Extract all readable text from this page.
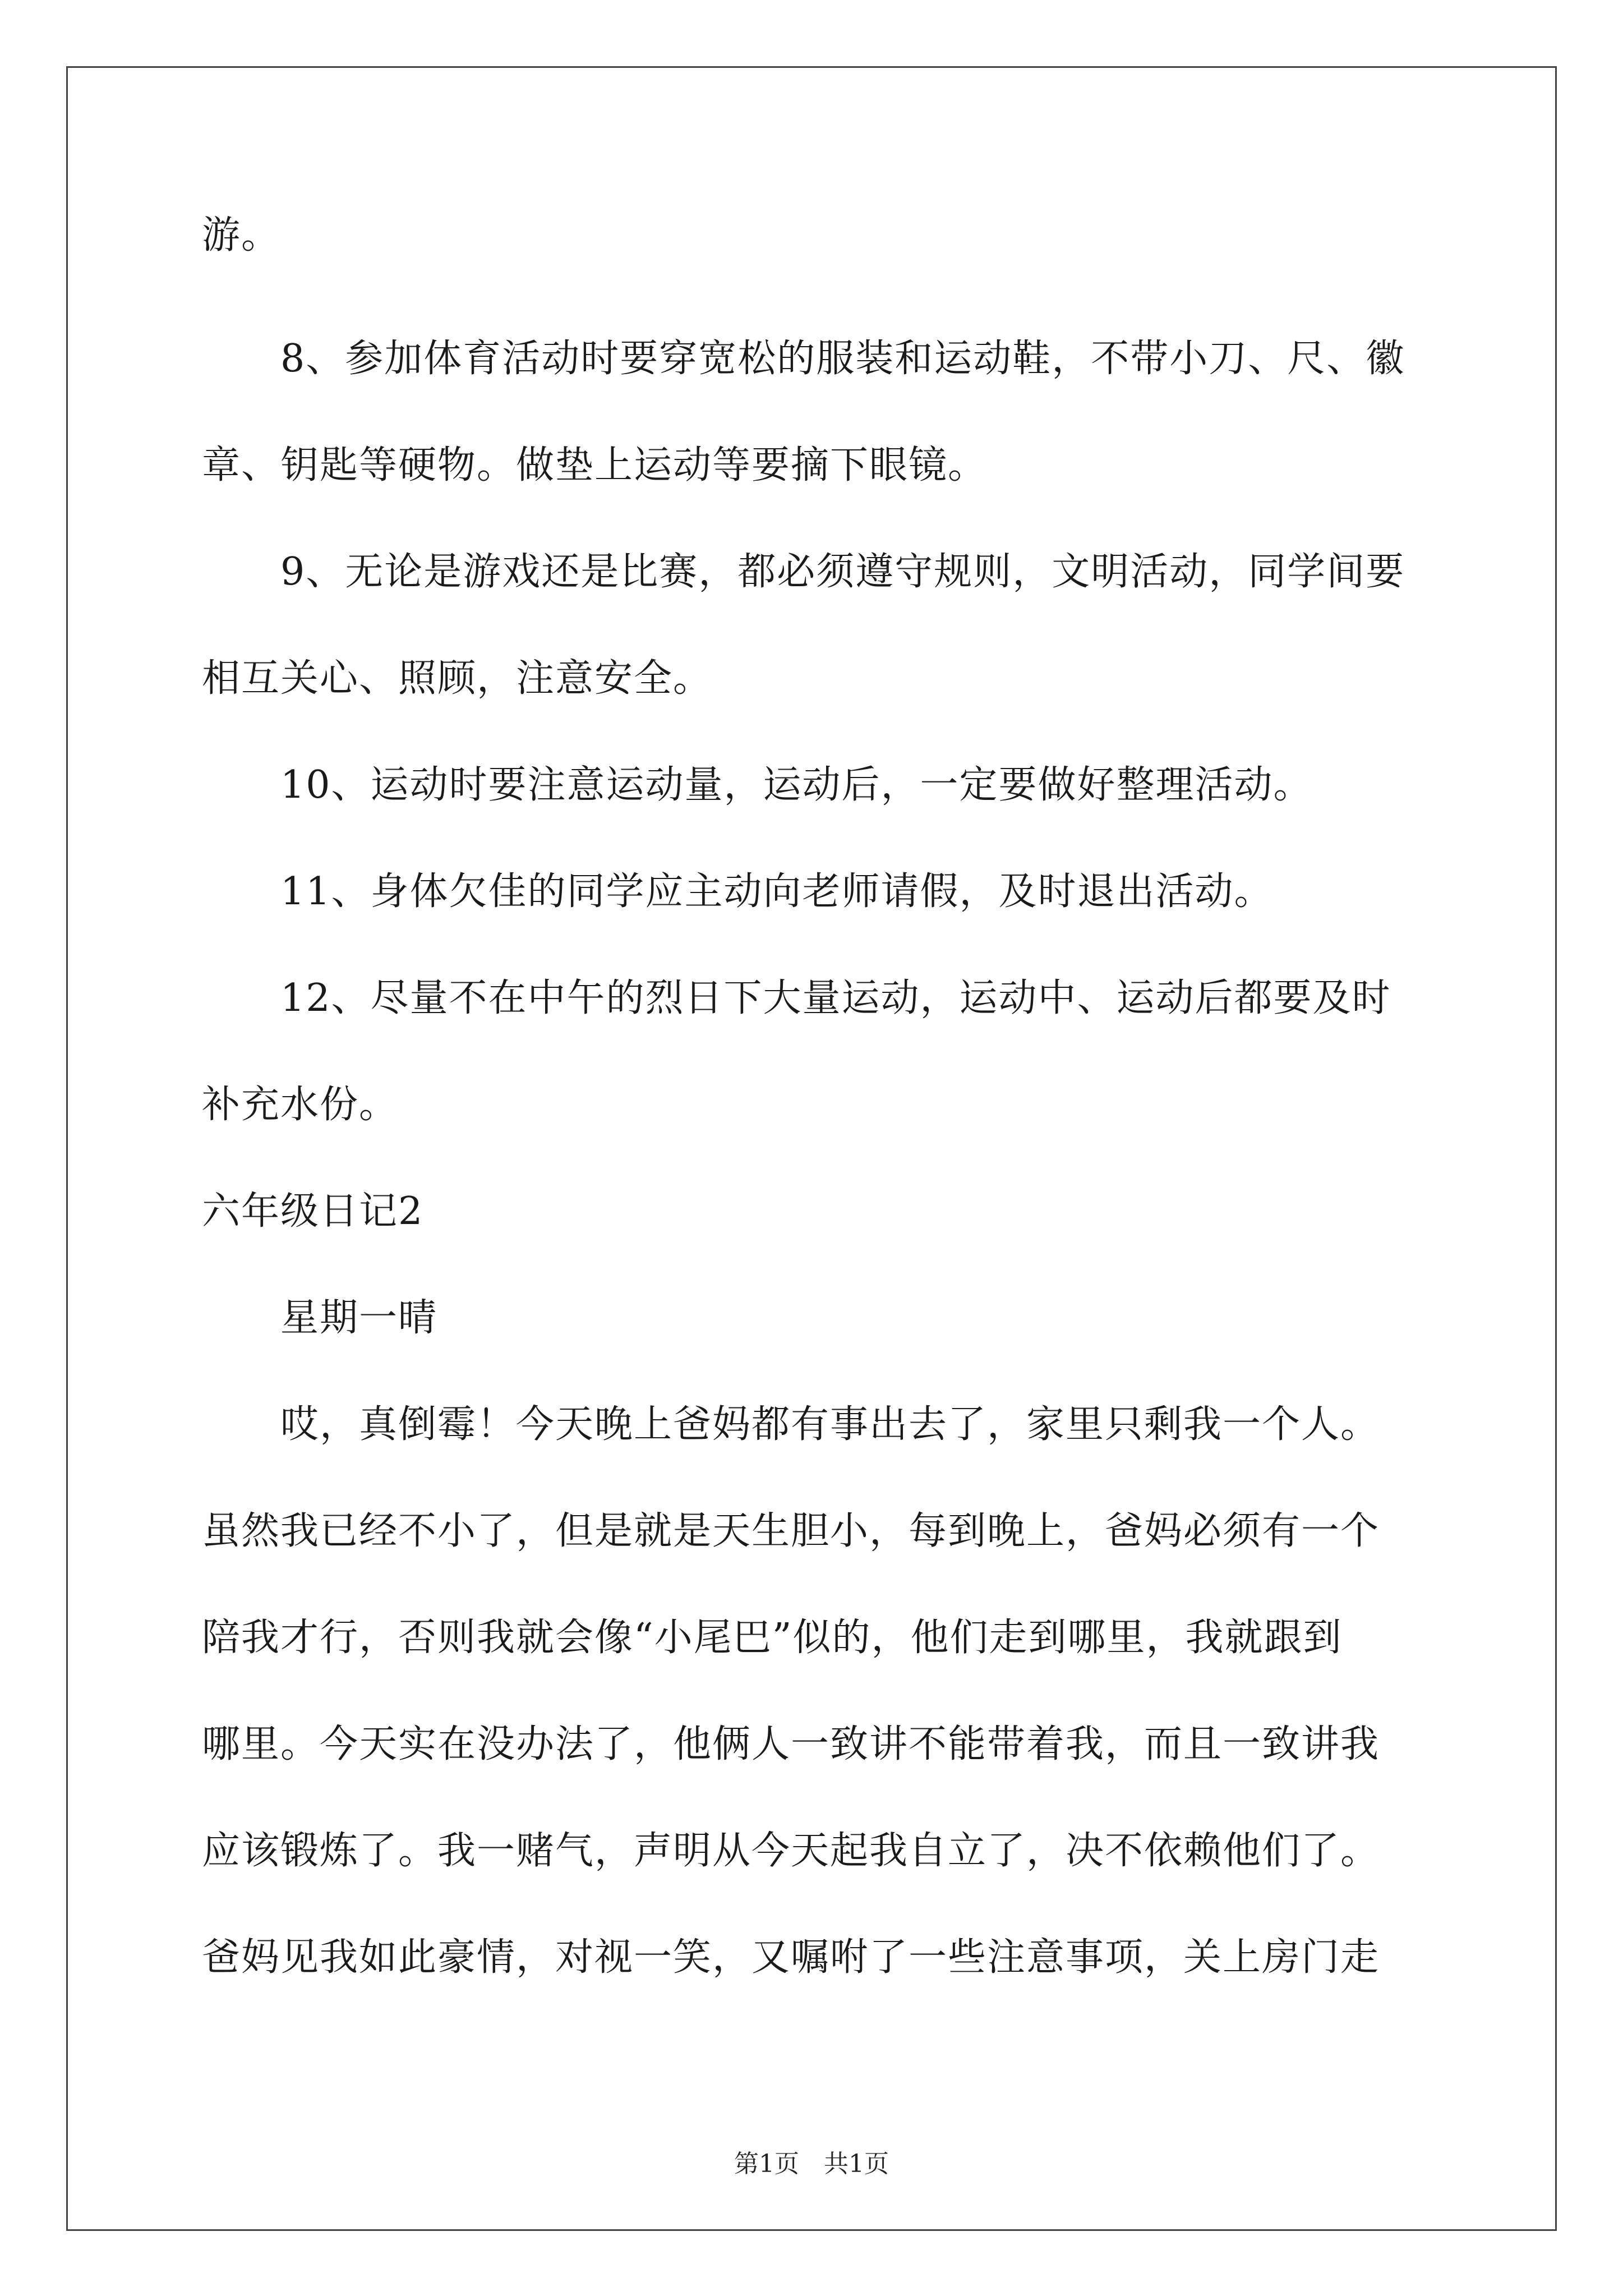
游。
8、参加体育活动时要穿宽松的服装和运动鞋，不带小刀、尺、徽
章、钥匙等硬物。做垫上运动等要摘下眼镜。
9、无论是游戏还是比赛，都必须遵守规则，文明活动，同学间要
相互关心、照顾，注意安全。
10、运动时要注意运动量，运动后，一定要做好整理活动。
11、身体欠佳的同学应主动向老师请假，及时退出活动。
12、尽量不在中午的烈日下大量运动，运动中、运动后都要及时
补充水份。
六年级日记2
星期一晴
哎，真倒霉！今天晚上爸妈都有事出去了，家里只剩我一个人。
虽然我已经不小了，但是就是天生胆小，每到晚上，爸妈必须有一个
陪我才行，否则我就会像“小尾巴”似的，他们走到哪里，我就跟到
哪里。今天实在没办法了，他俩人一致讲不能带着我，而且一致讲我
应该锻炼了。我一赌气，声明从今天起我自立了，决不依赖他们了。
爸妈见我如此豪情，对视一笑，又嘱咐了一些注意事项，关上房门走
第1页　共1页
